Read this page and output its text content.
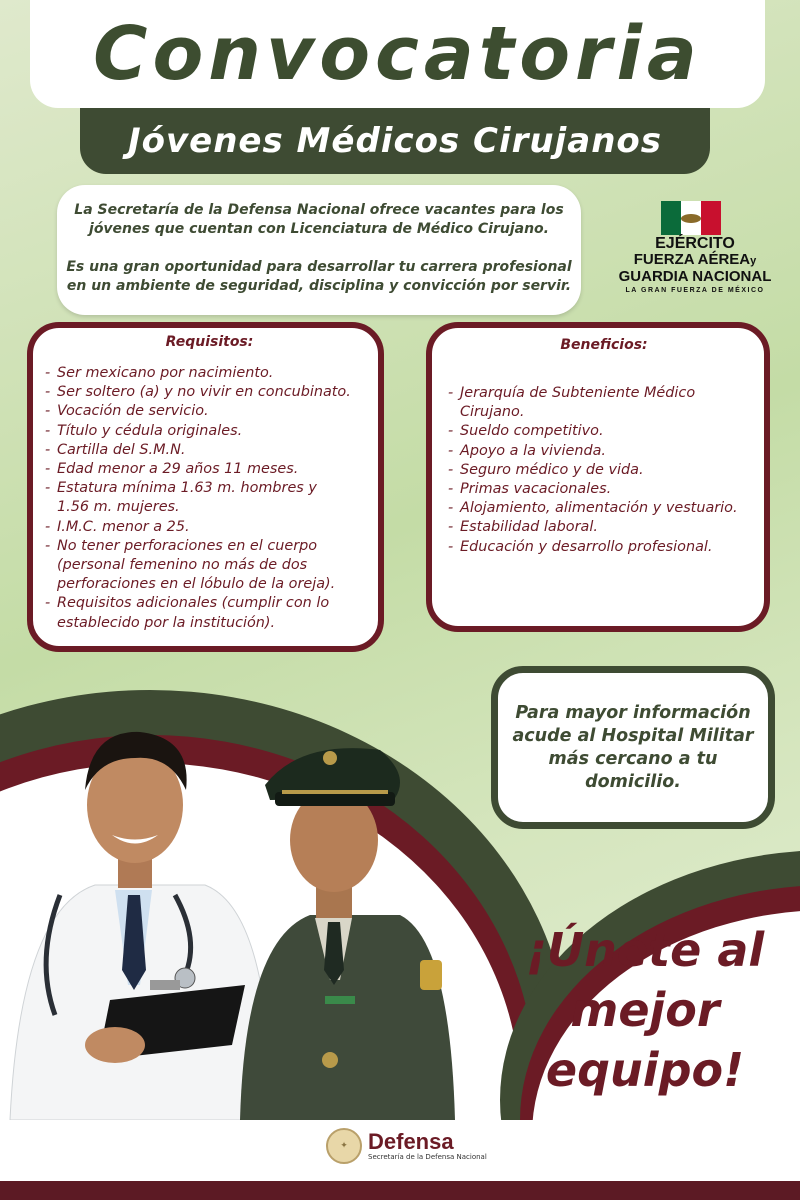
Convocatoria
Jóvenes Médicos Cirujanos

La Secretaría de la Defensa Nacional ofrece vacantes para los jóvenes que cuentan con Licenciatura de Médico Cirujano.

Es una gran oportunidad para desarrollar tu carrera profesional en un ambiente de seguridad, disciplina y convicción por servir.

EJÉRCITO
FUERZA AÉREAy
GUARDIA NACIONAL
LA GRAN FUERZA DE MÉXICO
Requisitos:
- Ser mexicano por nacimiento.
- Ser soltero (a) y no vivir en concubinato.
- Vocación de servicio.
- Título y cédula originales.
- Cartilla del S.M.N.
- Edad menor a 29 años 11 meses.
- Estatura mínima 1.63 m. hombres y
1.56 m. mujeres.
- I.M.C. menor a 25.
- No tener perforaciones en el cuerpo
(personal femenino no más de dos
perforaciones en el lóbulo de la oreja).
- Requisitos adicionales (cumplir con lo
establecido por la institución).
Beneficios:
- Jerarquía de Subteniente Médico
Cirujano.
- Sueldo competitivo.
- Apoyo a la vivienda.
- Seguro médico y de vida.
- Primas vacacionales.
- Alojamiento, alimentación y vestuario.
- Estabilidad laboral.
- Educación y desarrollo profesional.
Para mayor información acude al Hospital Militar más cercano a tu domicilio.
¡Únete al
mejor
equipo!
✦ Defensa
Secretaría de la Defensa Nacional
